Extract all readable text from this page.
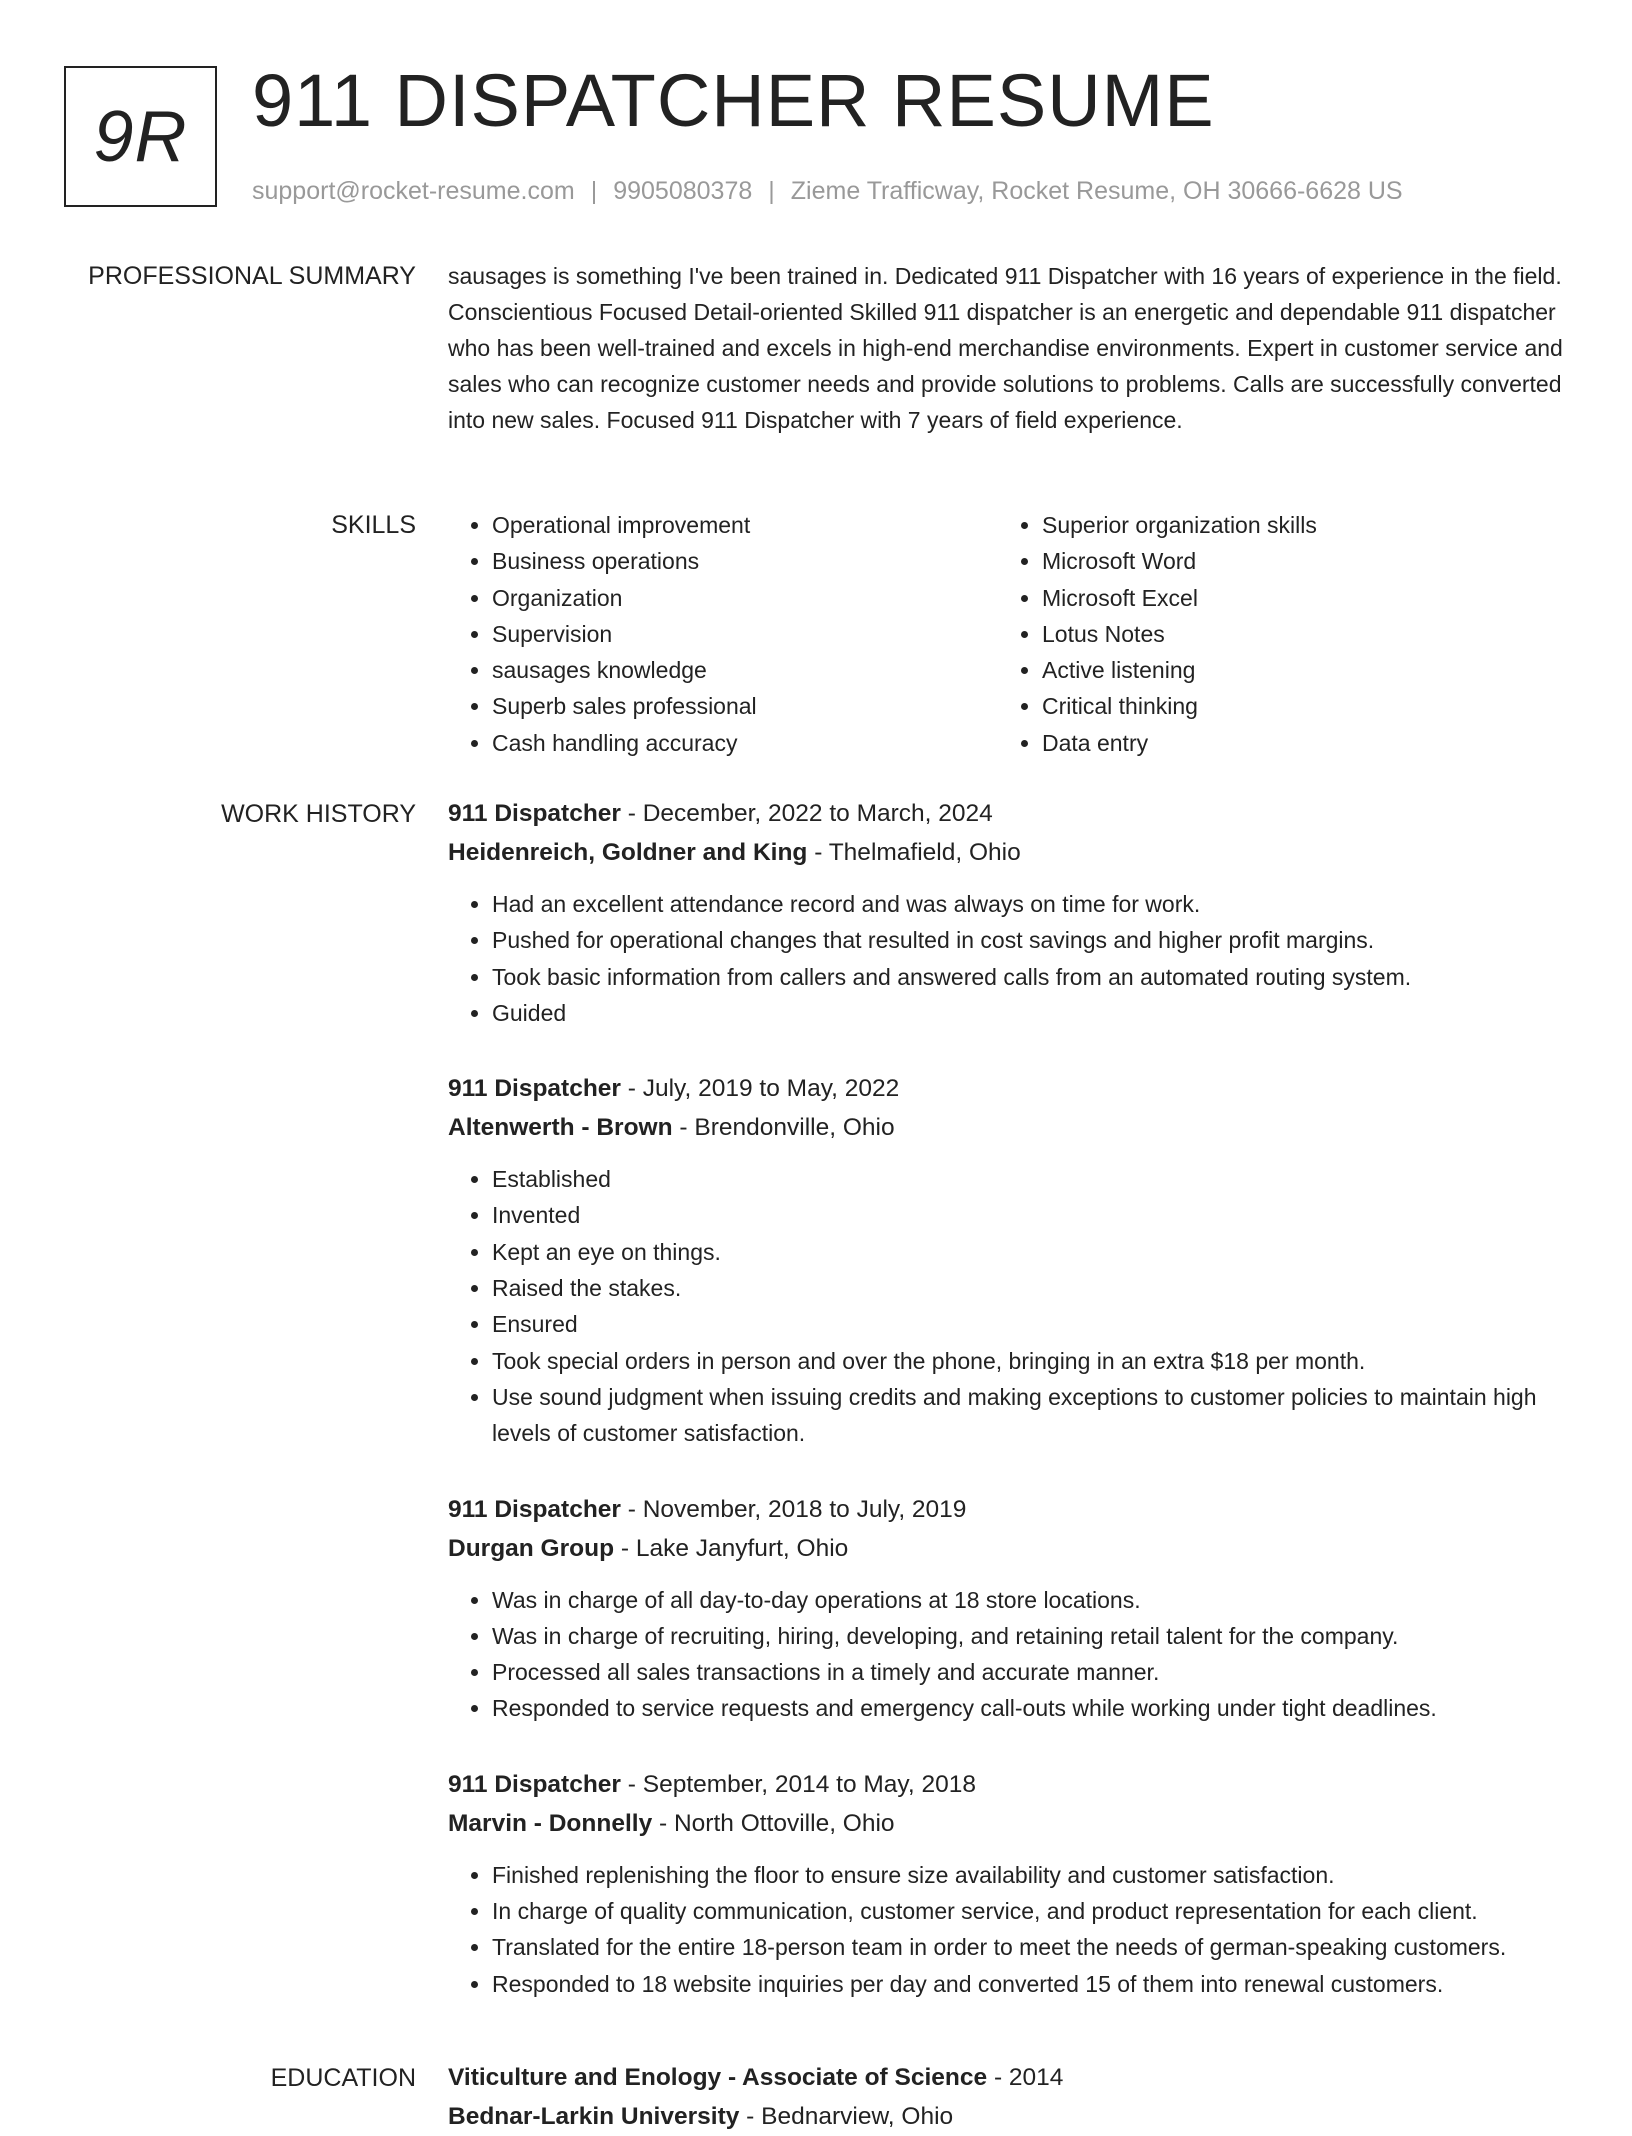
9R 911 DISPATCHER RESUME
support@rocket-resume.com | 9905080378 | Zieme Trafficway, Rocket Resume, OH 30666-6628 US
PROFESSIONAL SUMMARY sausages is something I've been trained in. Dedicated 911 Dispatcher with 16 years of experience in the field. Conscientious Focused Detail-oriented Skilled 911 dispatcher is an energetic and dependable 911 dispatcher who has been well-trained and excels in high-end merchandise environments. Expert in customer service and sales who can recognize customer needs and provide solutions to problems. Calls are successfully converted into new sales. Focused 911 Dispatcher with 7 years of field experience.

SKILLS
•	Operational improvement
• Business operations
• Organization
• Supervision
• sausages knowledge
• Superb sales professional
• Cash handling accuracy
• Superior organization skills
• Microsoft Word
• Microsoft Excel
• Lotus Notes
• Active listening
• Critical thinking
• Data entry
WORK HISTORY 911 Dispatcher - December, 2022 to March, 2024

Heidenreich, Goldner and King - Thelmafield, Ohio

• Had an excellent attendance record and was always on time for work.
• Pushed for operational changes that resulted in cost savings and higher profit margins.
• Took basic information from callers and answered calls from an automated routing system.
• Guided

911 Dispatcher - July, 2019 to May, 2022

Altenwerth - Brown - Brendonville, Ohio

• Established
• Invented
• Kept an eye on things.
• Raised the stakes.
• Ensured
• Took special orders in person and over the phone, bringing in an extra $18 per month.
• Use sound judgment when issuing credits and making exceptions to customer policies to maintain high levels of customer satisfaction.

911 Dispatcher - November, 2018 to July, 2019

Durgan Group - Lake Janyfurt, Ohio

• Was in charge of all day-to-day operations at 18 store locations.
• Was in charge of recruiting, hiring, developing, and retaining retail talent for the company.
• Processed all sales transactions in a timely and accurate manner.
• Responded to service requests and emergency call-outs while working under tight deadlines.

911 Dispatcher - September, 2014 to May, 2018

Marvin - Donnelly - North Ottoville, Ohio

• Finished replenishing the floor to ensure size availability and customer satisfaction.
• In charge of quality communication, customer service, and product representation for each client.
• Translated for the entire 18-person team in order to meet the needs of german-speaking customers.
• Responded to 18 website inquiries per day and converted 15 of them into renewal customers.
EDUCATION Viticulture and Enology - Associate of Science - 2014

Bednar-Larkin University - Bednarview, Ohio
